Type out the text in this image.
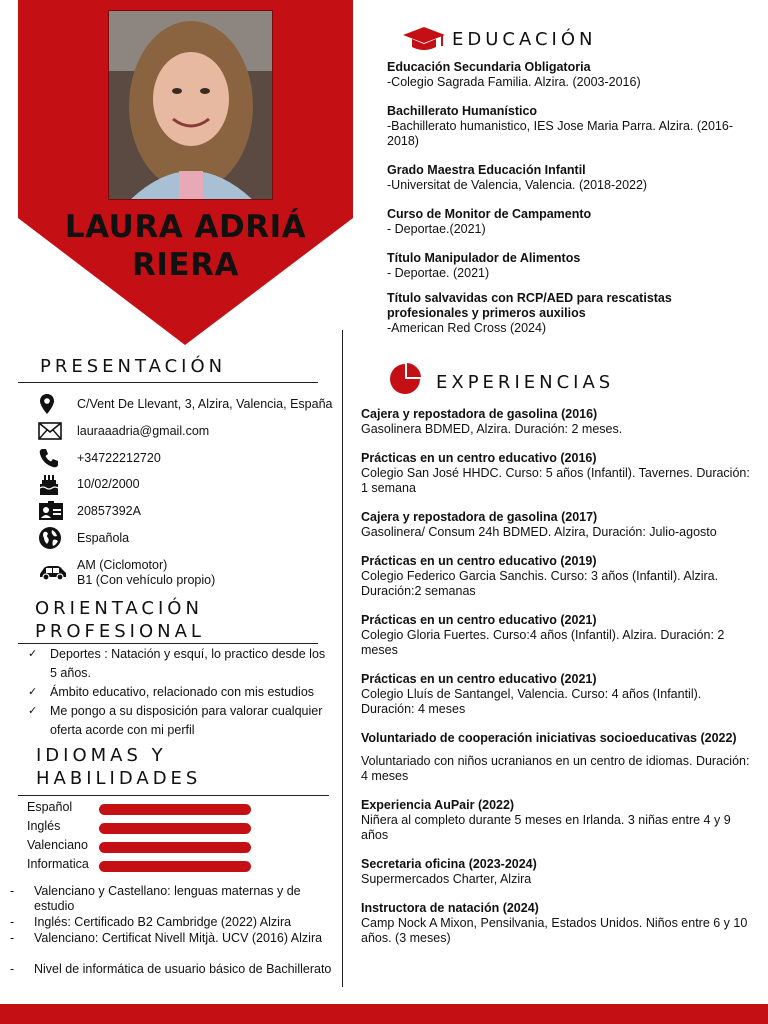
LAURA ADRIÁ
RIERA
PRESENTACIÓN
C/Vent De Llevant, 3, Alzira, Valencia, España
lauraaadria@gmail.com
+34722212720
10/02/2000
20857392A
Española
AM (Ciclomotor)
B1 (Con vehículo propio)
ORIENTACIÓN
PROFESIONAL
✓	Deportes : Natación y esquí, lo practico desde los 5 años.
✓	Ámbito educativo, relacionado con mis estudios
✓	Me pongo a su disposición para valorar cualquier oferta acorde con mi perfil
IDIOMAS Y
HABILIDADES
Español
Inglés
Valenciano
Informatica
-	Valenciano y Castellano: lenguas maternas y de estudio
-	Inglés: Certificado B2 Cambridge (2022) Alzira
-	Valenciano: Certificat Nivell Mitjà. UCV (2016) Alzira
-	Nivel de informática de usuario básico de Bachillerato
EDUCACIÓN
Educación Secundaria Obligatoria
-Colegio Sagrada Familia. Alzira. (2003-2016)
Bachillerato Humanístico
-Bachillerato humanistico, IES Jose Maria Parra. Alzira. (2016-2018)
Grado Maestra Educación Infantil
-Universitat de Valencia, Valencia. (2018-2022)
Curso de Monitor de Campamento
- Deportae.(2021)
Título Manipulador de Alimentos
- Deportae. (2021)
Título salvavidas con RCP/AED para rescatistas profesionales y primeros auxilios
-American Red Cross (2024)
EXPERIENCIAS
Cajera y repostadora de gasolina (2016)
Gasolinera BDMED, Alzira. Duración: 2 meses.
Prácticas en un centro educativo (2016)
Colegio San José HHDC. Curso: 5 años (Infantil). Tavernes. Duración: 1 semana
Cajera y repostadora de gasolina (2017)
Gasolinera/ Consum 24h BDMED. Alzira, Duración: Julio-agosto
Prácticas en un centro educativo (2019)
Colegio Federico Garcia Sanchis. Curso: 3 años (Infantil). Alzira. Duración:2 semanas
Prácticas en un centro educativo (2021)
Colegio Gloria Fuertes. Curso:4 años (Infantil). Alzira. Duración: 2 meses
Prácticas en un centro educativo (2021)
Colegio Lluís de Santangel, Valencia. Curso: 4 años (Infantil). Duración: 4 meses
Voluntariado de cooperación iniciativas socioeducativas (2022)
Voluntariado con niños ucranianos en un centro de idiomas. Duración: 4 meses
Experiencia AuPair (2022)
Niñera al completo durante 5 meses en Irlanda. 3 niñas entre 4 y 9 años
Secretaria oficina (2023-2024)
Supermercados Charter, Alzira
Instructora de natación (2024)
Camp Nock A Mixon, Pensilvania, Estados Unidos. Niños entre 6 y 10 años. (3 meses)
